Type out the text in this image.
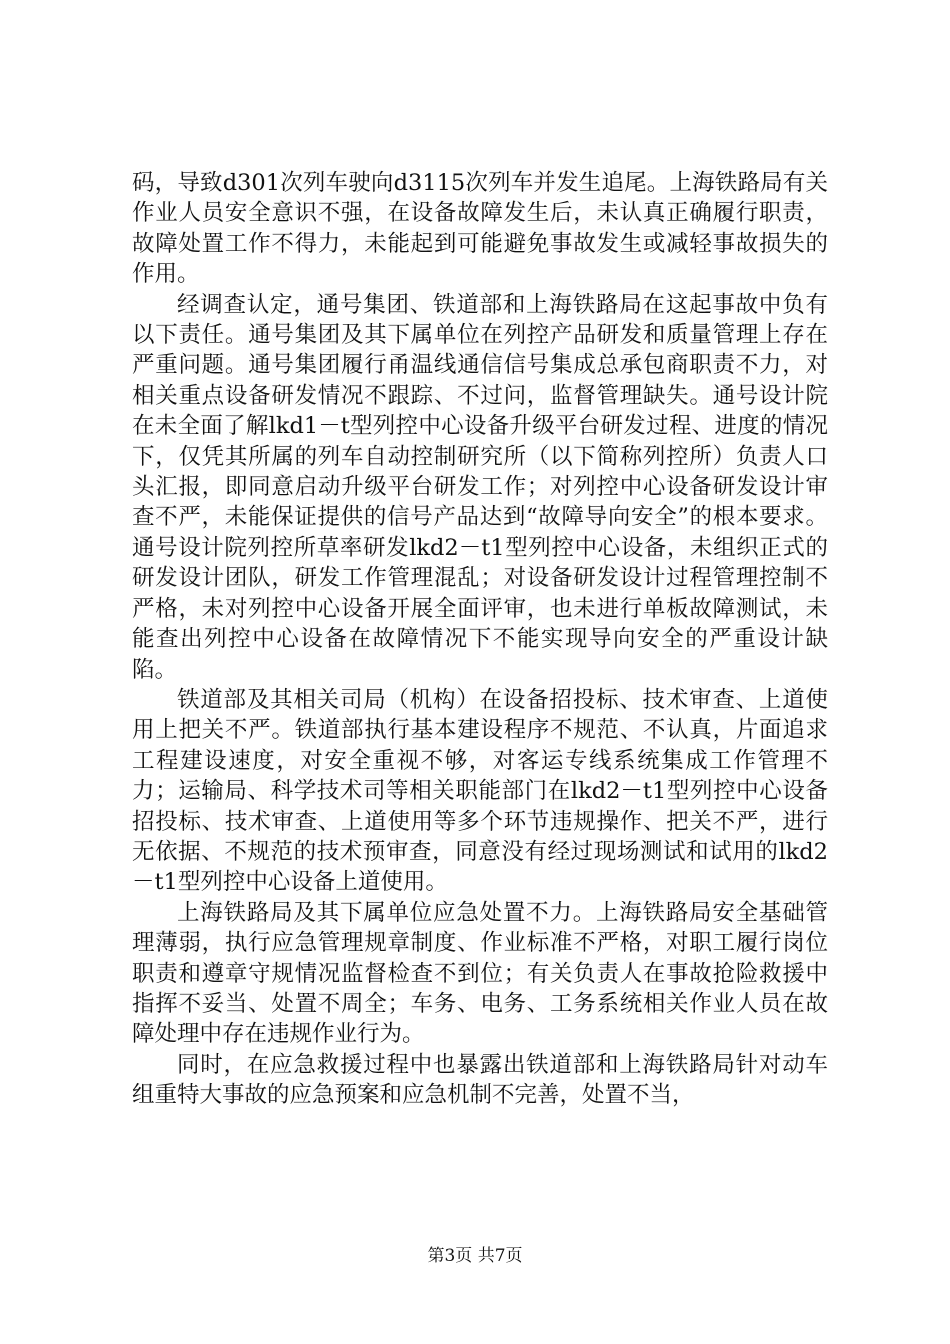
码，导致d301次列车驶向d3115次列车并发生追尾。上海铁路局有关作业人员安全意识不强，在设备故障发生后，未认真正确履行职责，故障处置工作不得力，未能起到可能避免事故发生或减轻事故损失的作用。

经调查认定，通号集团、铁道部和上海铁路局在这起事故中负有以下责任。通号集团及其下属单位在列控产品研发和质量管理上存在严重问题。通号集团履行甬温线通信信号集成总承包商职责不力，对相关重点设备研发情况不跟踪、不过问，监督管理缺失。通号设计院在未全面了解lkd1－t型列控中心设备升级平台研发过程、进度的情况下，仅凭其所属的列车自动控制研究所（以下简称列控所）负责人口头汇报，即同意启动升级平台研发工作；对列控中心设备研发设计审查不严，未能保证提供的信号产品达到“故障导向安全”的根本要求。通号设计院列控所草率研发lkd2－t1型列控中心设备，未组织正式的研发设计团队，研发工作管理混乱；对设备研发设计过程管理控制不严格，未对列控中心设备开展全面评审，也未进行单板故障测试，未能查出列控中心设备在故障情况下不能实现导向安全的严重设计缺陷。

铁道部及其相关司局（机构）在设备招投标、技术审查、上道使用上把关不严。铁道部执行基本建设程序不规范、不认真，片面追求工程建设速度，对安全重视不够，对客运专线系统集成工作管理不力；运输局、科学技术司等相关职能部门在lkd2－t1型列控中心设备招投标、技术审查、上道使用等多个环节违规操作、把关不严，进行无依据、不规范的技术预审查，同意没有经过现场测试和试用的lkd2－t1型列控中心设备上道使用。

上海铁路局及其下属单位应急处置不力。上海铁路局安全基础管理薄弱，执行应急管理规章制度、作业标准不严格，对职工履行岗位职责和遵章守规情况监督检查不到位；有关负责人在事故抢险救援中指挥不妥当、处置不周全；车务、电务、工务系统相关作业人员在故障处理中存在违规作业行为。

同时，在应急救援过程中也暴露出铁道部和上海铁路局针对动车组重特大事故的应急预案和应急机制不完善，处置不当，

第3页 共7页
